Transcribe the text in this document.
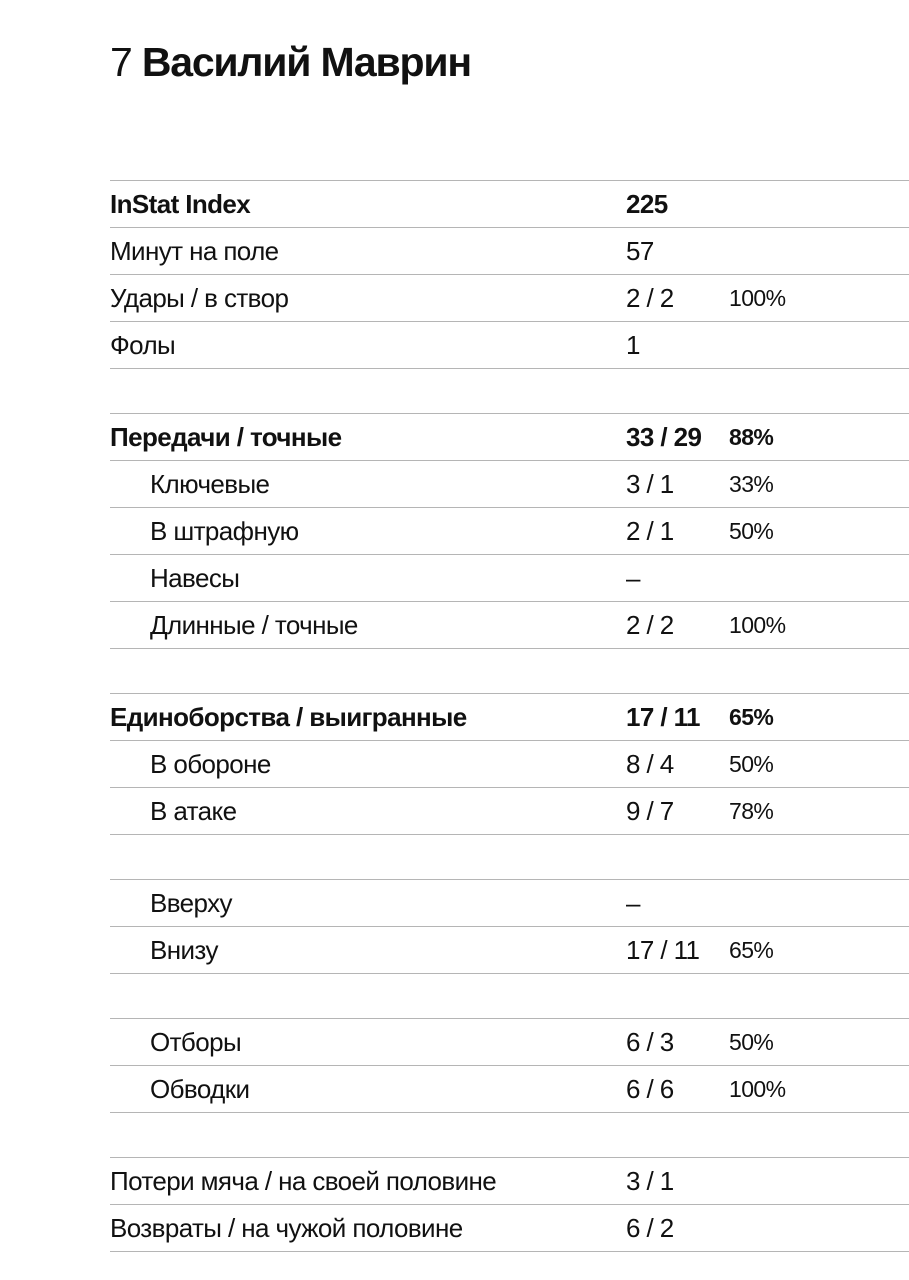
7 Василий Маврин
InStat Index	225
Минут на поле	57
Удары / в створ	2 / 2 100%
Фолы	1
Передачи / точные	33 / 29 88%
Ключевые	3 / 1 33%
В штрафную	2 / 1 50%
Навесы	–
Длинные / точные	2 / 2 100%
Единоборства / выигранные	17 / 11 65%
В обороне	8 / 4 50%
В атаке	9 / 7 78%
Вверху	–
Внизу	17 / 11 65%
Отборы	6 / 3 50%
Обводки	6 / 6 100%
Потери мяча / на своей половине	3 / 1
Возвраты / на чужой половине	6 / 2
